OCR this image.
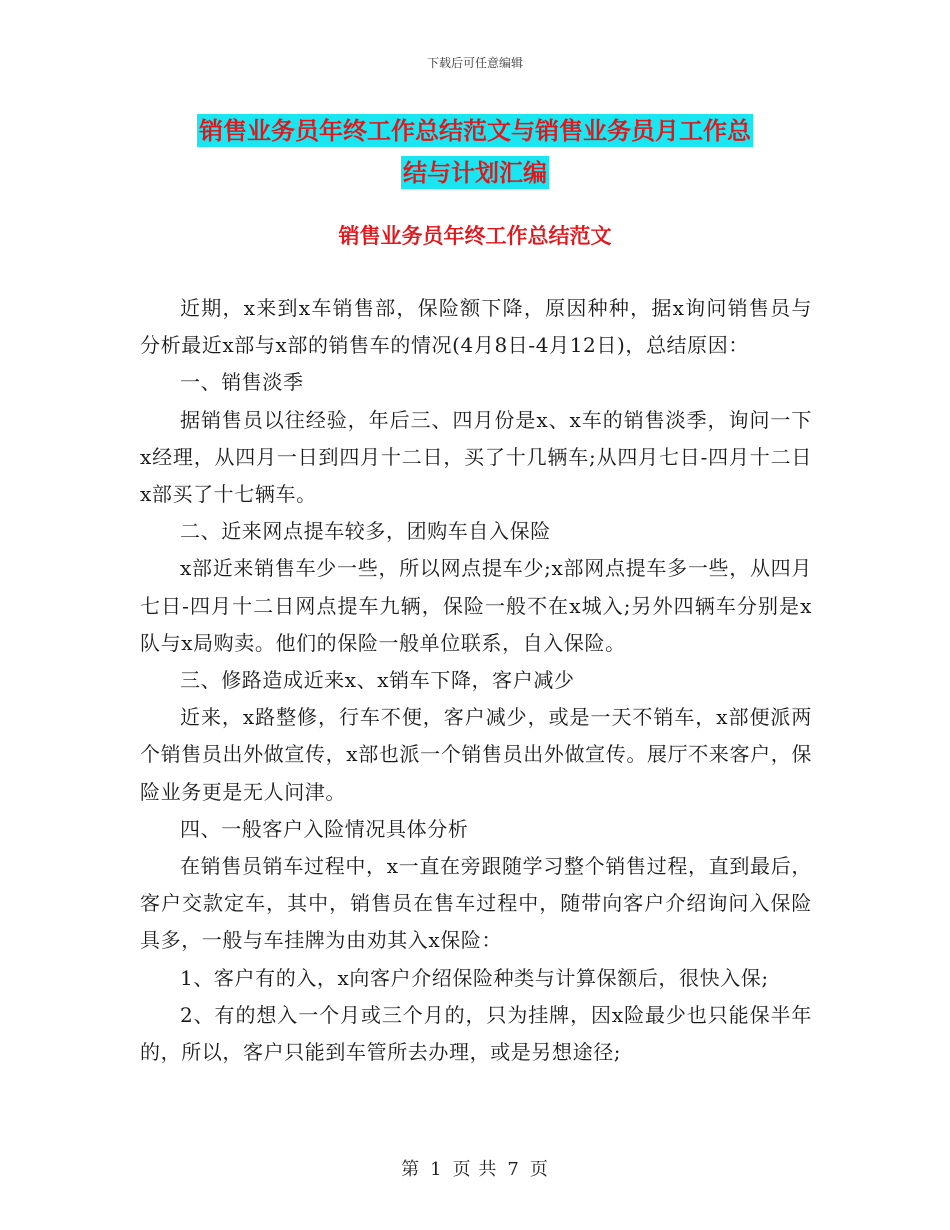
下载后可任意编辑
销售业务员年终工作总结范文与销售业务员月工作总
结与计划汇编
销售业务员年终工作总结范文

近期，x来到x车销售部，保险额下降，原因种种，据x询问销售员与分析最近x部与x部的销售车的情况(4月8日-4月12日)，总结原因：

一、销售淡季

据销售员以往经验，年后三、四月份是x、x车的销售淡季，询问一下x经理，从四月一日到四月十二日，买了十几辆车;从四月七日-四月十二日x部买了十七辆车。

二、近来网点提车较多，团购车自入保险

x部近来销售车少一些，所以网点提车少;x部网点提车多一些，从四月七日-四月十二日网点提车九辆，保险一般不在x城入;另外四辆车分别是x队与x局购卖。他们的保险一般单位联系，自入保险。

三、修路造成近来x、x销车下降，客户减少

近来，x路整修，行车不便，客户减少，或是一天不销车，x部便派两个销售员出外做宣传，x部也派一个销售员出外做宣传。展厅不来客户，保险业务更是无人问津。

四、一般客户入险情况具体分析

在销售员销车过程中，x一直在旁跟随学习整个销售过程，直到最后，客户交款定车，其中，销售员在售车过程中，随带向客户介绍询问入保险具多，一般与车挂牌为由劝其入x保险：

1、客户有的入，x向客户介绍保险种类与计算保额后，很快入保;

2、有的想入一个月或三个月的，只为挂牌，因x险最少也只能保半年的，所以，客户只能到车管所去办理，或是另想途径;

第 1 页 共 7 页
